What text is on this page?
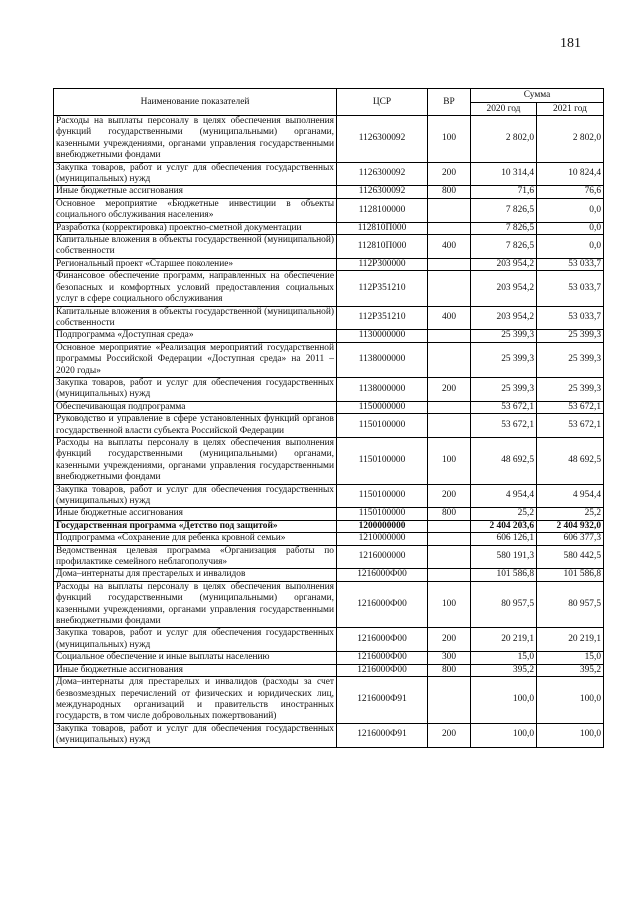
181
Наименование показателей	ЦСР	ВР	Сумма	
			2020 год	2021 год
Расходы на выплаты персоналу в целях обеспечения выполнения функций государственными (муниципальными) органами, казенными учреждениями, органами управления государственными внебюджетными фондами	1126300092	100	2 802,0	2 802,0
Закупка товаров, работ и услуг для обеспечения государственных (муниципальных) нужд	1126300092	200	10 314,4	10 824,4
Иные бюджетные ассигнования	1126300092	800	71,6	76,6
Основное мероприятие «Бюджетные инвестиции в объекты социального обслуживания населения»	1128100000		7 826,5	0,0
Разработка (корректировка) проектно-сметной документации	112810П000		7 826,5	0,0
Капитальные вложения в объекты государственной (муниципальной) собственности	112810П000	400	7 826,5	0,0
Региональный проект «Старшее поколение»	112Р300000		203 954,2	53 033,7
Финансовое обеспечение программ, направленных на обеспечение безопасных и комфортных условий предоставления социальных услуг в сфере социального обслуживания	112Р351210		203 954,2	53 033,7
Капитальные вложения в объекты государственной (муниципальной) собственности	112Р351210	400	203 954,2	53 033,7
Подпрограмма «Доступная среда»	1130000000		25 399,3	25 399,3
Основное мероприятие «Реализация мероприятий государственной программы Российской Федерации «Доступная среда» на 2011 – 2020 годы»	1138000000		25 399,3	25 399,3
Закупка товаров, работ и услуг для обеспечения государственных (муниципальных) нужд	1138000000	200	25 399,3	25 399,3
Обеспечивающая подпрограмма	1150000000		53 672,1	53 672,1
Руководство и управление в сфере установленных функций органов государственной власти субъекта Российской Федерации	1150100000		53 672,1	53 672,1
Расходы на выплаты персоналу в целях обеспечения выполнения функций государственными (муниципальными) органами, казенными учреждениями, органами управления государственными внебюджетными фондами	1150100000	100	48 692,5	48 692,5
Закупка товаров, работ и услуг для обеспечения государственных (муниципальных) нужд	1150100000	200	4 954,4	4 954,4
Иные бюджетные ассигнования	1150100000	800	25,2	25,2
Государственная программа «Детство под защитой»	1200000000		2 404 203,6	2 404 932,0
Подпрограмма «Сохранение для ребенка кровной семьи»	1210000000		606 126,1	606 377,3
Ведомственная целевая программа «Организация работы по профилактике семейного неблагополучия»	1216000000		580 191,3	580 442,5
Дома–интернаты для престарелых и инвалидов	1216000Ф00		101 586,8	101 586,8
Расходы на выплаты персоналу в целях обеспечения выполнения функций государственными (муниципальными) органами, казенными учреждениями, органами управления государственными внебюджетными фондами	1216000Ф00	100	80 957,5	80 957,5
Закупка товаров, работ и услуг для обеспечения государственных (муниципальных) нужд	1216000Ф00	200	20 219,1	20 219,1
Социальное обеспечение и иные выплаты населению	1216000Ф00	300	15,0	15,0
Иные бюджетные ассигнования	1216000Ф00	800	395,2	395,2
Дома–интернаты для престарелых и инвалидов (расходы за счет безвозмездных перечислений от физических и юридических лиц, международных организаций и правительств иностранных государств, в том числе добровольных пожертвований)	1216000Ф91		100,0	100,0
Закупка товаров, работ и услуг для обеспечения государственных (муниципальных) нужд	1216000Ф91	200	100,0	100,0
